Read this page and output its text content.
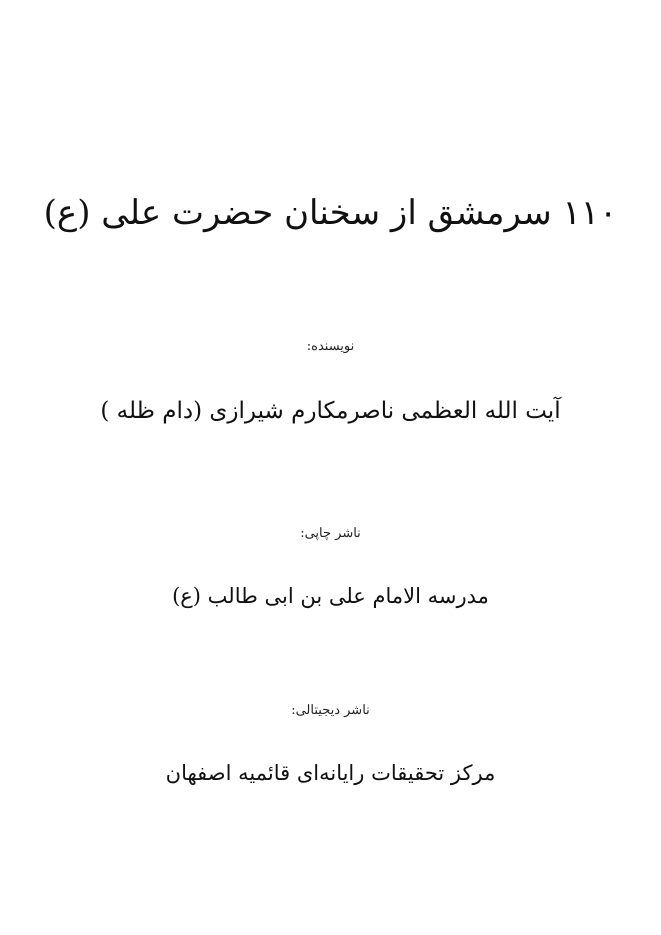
۱۱۰ سرمشق از سخنان حضرت علی (ع)
نویسنده:
آیت الله العظمی ناصرمکارم شیرازی (دام ظله )
ناشر چاپی:
مدرسه الامام علی بن ابی طالب (ع)
ناشر دیجیتالی:
مرکز تحقیقات رایانه‌ای قائمیه اصفهان
